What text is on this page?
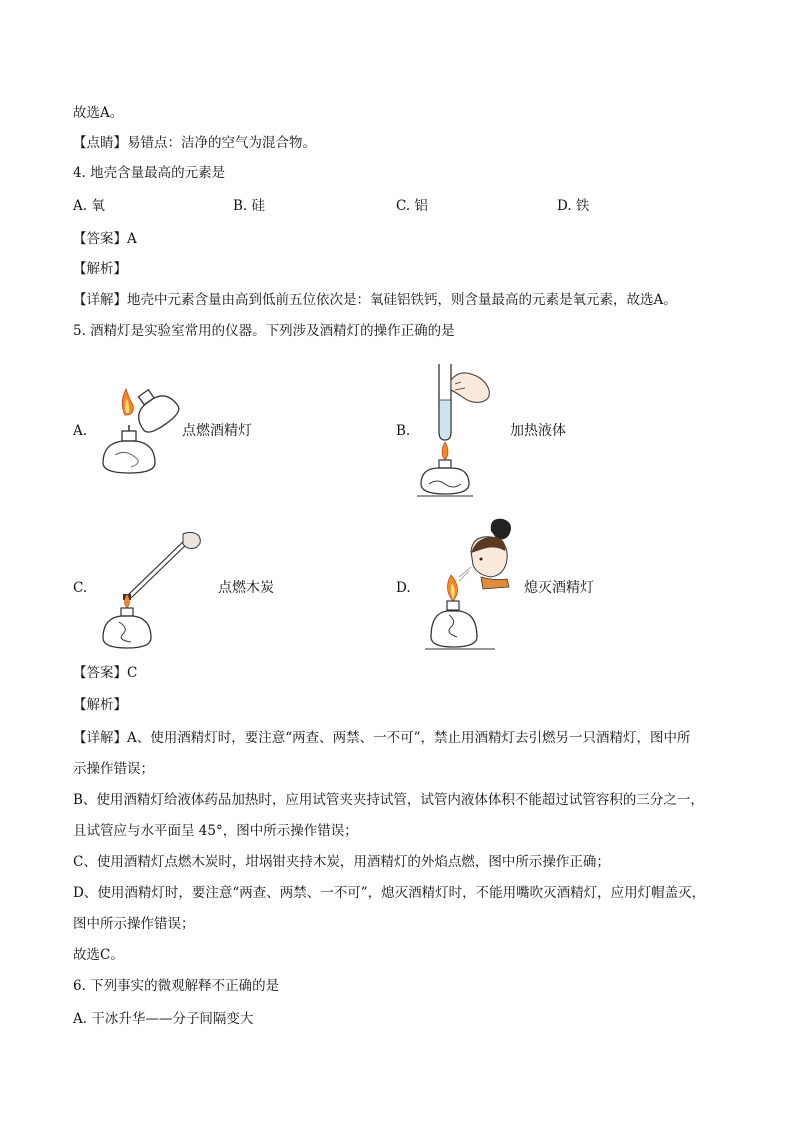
故选A。
【点睛】易错点：洁净的空气为混合物。
4. 地壳含量最高的元素是
A. 氧	B. 硅	C. 铝	D. 铁
【答案】A
【解析】
【详解】地壳中元素含量由高到低前五位依次是：氧硅铝铁钙，则含量最高的元素是氧元素，故选A。
5. 酒精灯是实验室常用的仪器。下列涉及酒精灯的操作正确的是
A.	点燃酒精灯	B.	加热液体
C.	点燃木炭	D.	熄灭酒精灯
【答案】C
【解析】
【详解】A、使用酒精灯时，要注意“两查、两禁、一不可”，禁止用酒精灯去引燃另一只酒精灯，图中所
示操作错误；
B、使用酒精灯给液体药品加热时，应用试管夹夹持试管，试管内液体体积不能超过试管容积的三分之一，
且试管应与水平面呈 45°，图中所示操作错误；
C、使用酒精灯点燃木炭时，坩埚钳夹持木炭，用酒精灯的外焰点燃，图中所示操作正确；
D、使用酒精灯时，要注意“两查、两禁、一不可”，熄灭酒精灯时，不能用嘴吹灭酒精灯，应用灯帽盖灭，
图中所示操作错误；
故选C。
6. 下列事实的微观解释不正确的是
A. 干冰升华——分子间隔变大
